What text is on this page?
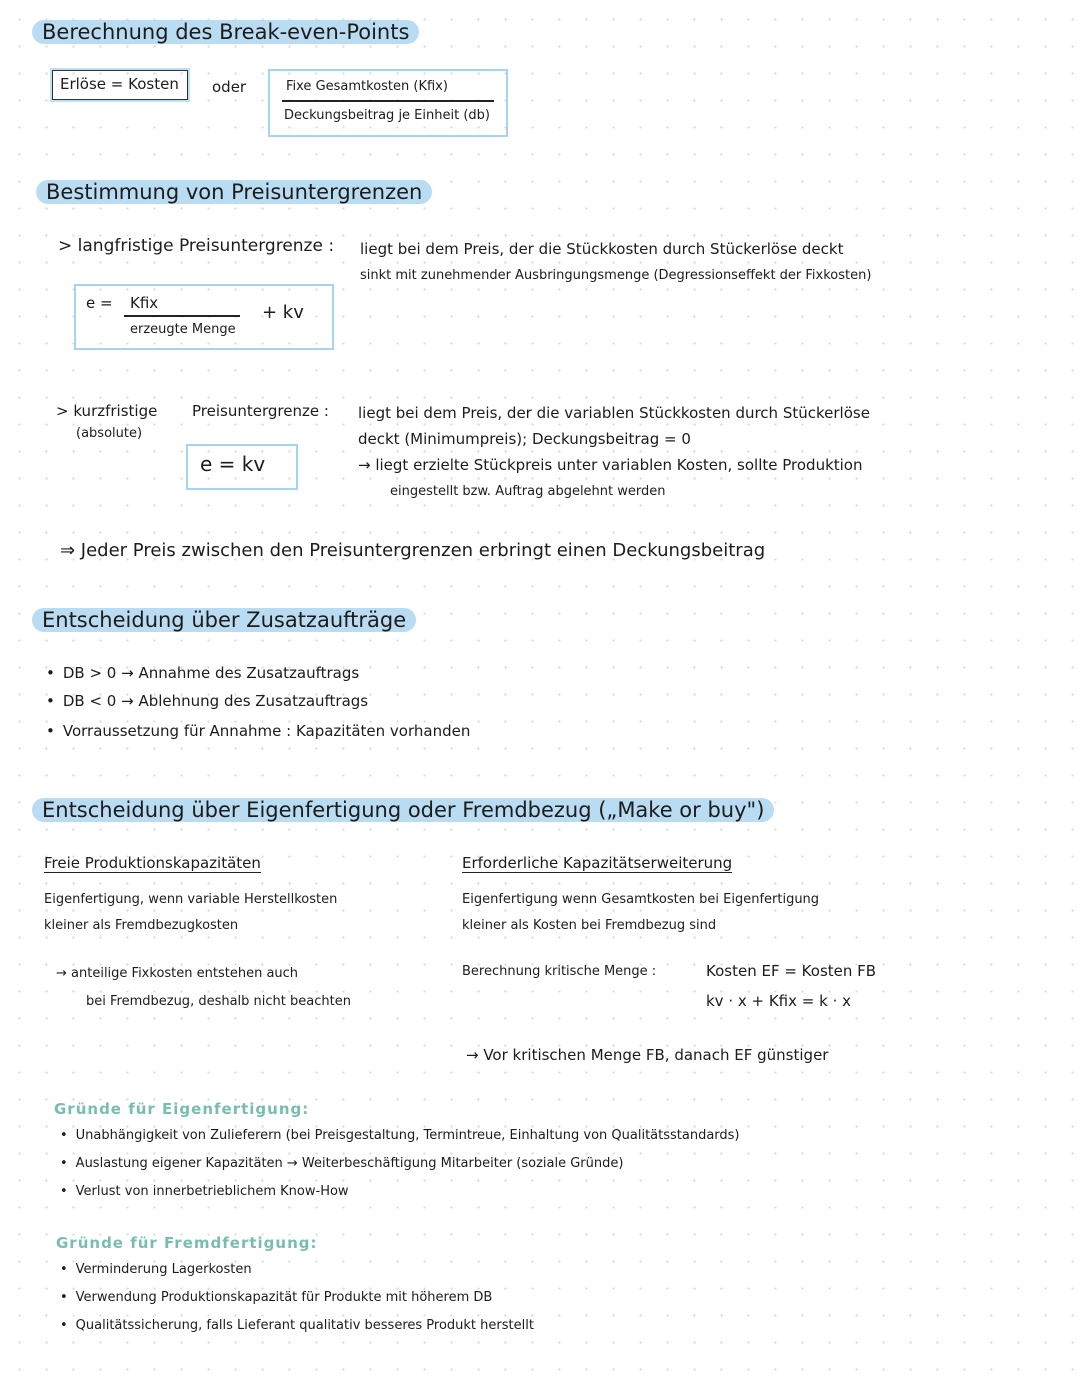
Berechnung des Break-even-Points
Erlöse = Kosten oder	Fixe Gesamtkosten (Kfix)
Deckungsbeitrag je Einheit (db)
Bestimmung von Preisuntergrenzen
> langfristige Preisuntergrenze : liegt bei dem Preis, der die Stückkosten durch Stückerlöse deckt
sinkt mit zunehmender Ausbringungsmenge (Degressionseffekt der Fixkosten)
e = Kfix
erzeugte Menge
+ kv
> kurzfristige
(absolute)
Preisuntergrenze :
e = kv
liegt bei dem Preis, der die variablen Stückkosten durch Stückerlöse
deckt (Minimumpreis); Deckungsbeitrag = 0
→ liegt erzielte Stückpreis unter variablen Kosten, sollte Produktion
eingestellt bzw. Auftrag abgelehnt werden
⇒ Jeder Preis zwischen den Preisuntergrenzen erbringt einen Deckungsbeitrag
Entscheidung über Zusatzaufträge
• DB > 0 → Annahme des Zusatzauftrags
• DB < 0 → Ablehnung des Zusatzauftrags
• Vorraussetzung für Annahme : Kapazitäten vorhanden
Entscheidung über Eigenfertigung oder Fremdbezug („Make or buy")
Freie Produktionskapazitäten
Eigenfertigung, wenn variable Herstellkosten
kleiner als Fremdbezugkosten
→ anteilige Fixkosten entstehen auch
bei Fremdbezug, deshalb nicht beachten
Erforderliche Kapazitätserweiterung
Eigenfertigung wenn Gesamtkosten bei Eigenfertigung
kleiner als Kosten bei Fremdbezug sind
Berechnung kritische Menge :	Kosten EF = Kosten FB
kv · x + Kfix = k · x
→ Vor kritischen Menge FB, danach EF günstiger
Gründe für Eigenfertigung:
• Unabhängigkeit von Zulieferern (bei Preisgestaltung, Termintreue, Einhaltung von Qualitätsstandards)
• Auslastung eigener Kapazitäten → Weiterbeschäftigung Mitarbeiter (soziale Gründe)
• Verlust von innerbetrieblichem Know-How
Gründe für Fremdfertigung:
• Verminderung Lagerkosten
• Verwendung Produktionskapazität für Produkte mit höherem DB
• Qualitätssicherung, falls Lieferant qualitativ besseres Produkt herstellt
